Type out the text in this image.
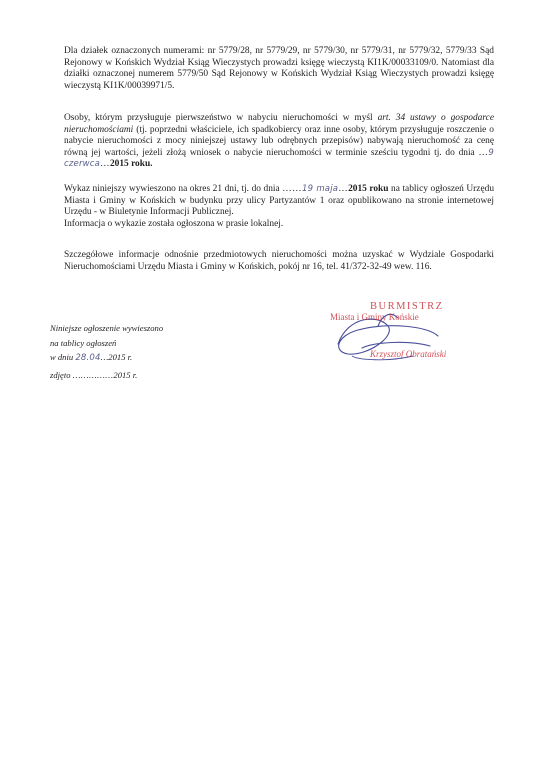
Dla działek oznaczonych numerami: nr 5779/28, nr 5779/29, nr 5779/30, nr 5779/31, nr 5779/32, 5779/33 Sąd Rejonowy w Końskich Wydział Ksiąg Wieczystych prowadzi księgę wieczystą KI1K/00033109/0. Natomiast dla działki oznaczonej numerem 5779/50 Sąd Rejonowy w Końskich Wydział Ksiąg Wieczystych prowadzi księgę wieczystą KI1K/00039971/5.

Osoby, którym przysługuje pierwszeństwo w nabyciu nieruchomości w myśl art. 34 ustawy o gospodarce nieruchomościami (tj. poprzedni właściciele, ich spadkobiercy oraz inne osoby, którym przysługuje roszczenie o nabycie nieruchomości z mocy niniejszej ustawy lub odrębnych przepisów) nabywają nieruchomość za cenę równą jej wartości, jeżeli złożą wniosek o nabycie nieruchomości w terminie sześciu tygodni tj. do dnia …9 czerwca…2015 roku.

Wykaz niniejszy wywieszono na okres 21 dni, tj. do dnia ……19 maja…2015 roku na tablicy ogłoszeń Urzędu Miasta i Gminy w Końskich w budynku przy ulicy Partyzantów 1 oraz opublikowano na stronie internetowej Urzędu - w Biuletynie Informacji Publicznej.
Informacja o wykazie została ogłoszona w prasie lokalnej.

Szczegółowe informacje odnośnie przedmiotowych nieruchomości można uzyskać w Wydziale Gospodarki Nieruchomościami Urzędu Miasta i Gminy w Końskich, pokój nr 16, tel. 41/372-32-49 wew. 116.

Niniejsze ogłoszenie wywieszono

na tablicy ogłoszeń

w dniu 28.04…2015 r.

zdjęto ……………2015 r.

BURMISTRZ
Miasta i Gminy Końskie
Krzysztof Obratański
